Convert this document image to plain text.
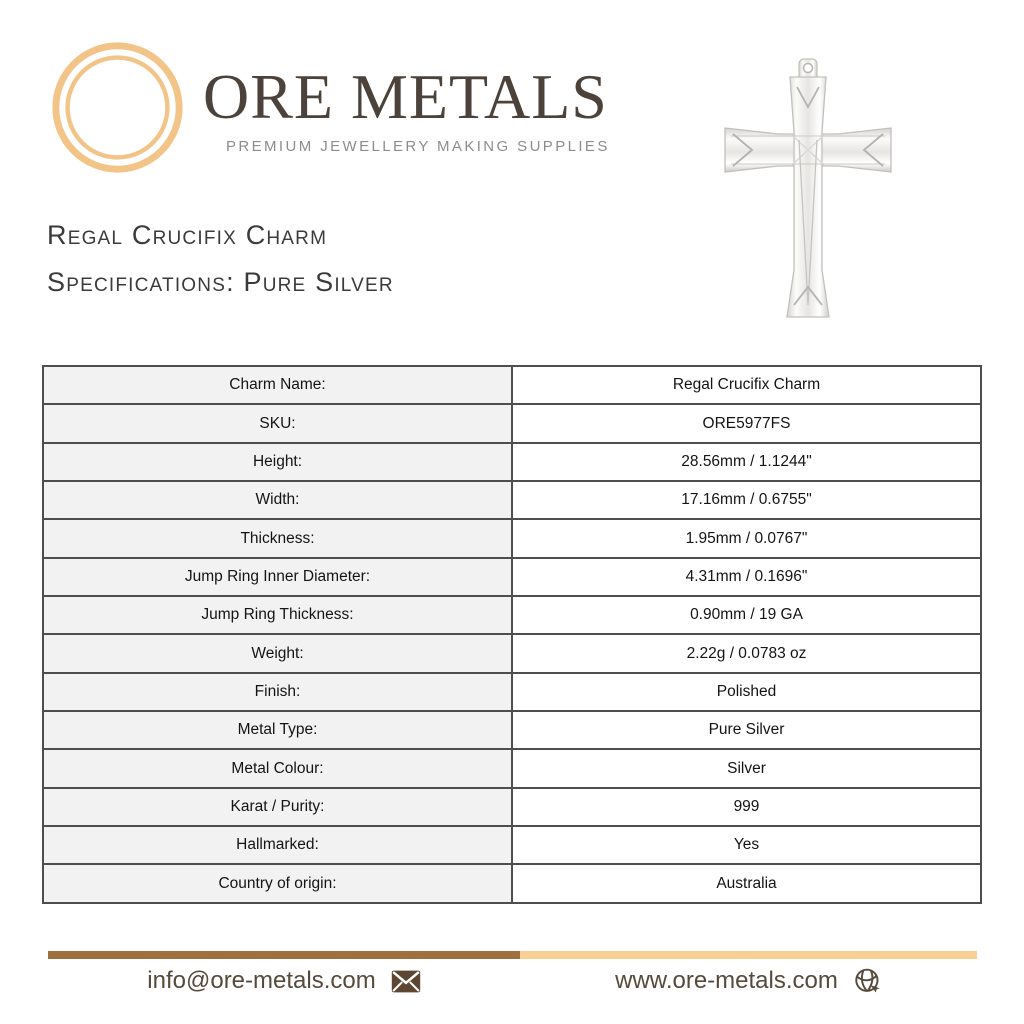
ORE METALS
PREMIUM JEWELLERY MAKING SUPPLIES
Regal Crucifix Charm
Specifications: Pure Silver
Charm Name:	Regal Crucifix Charm
SKU:	ORE5977FS
Height:	28.56mm / 1.1244"
Width:	17.16mm / 0.6755"
Thickness:	1.95mm / 0.0767"
Jump Ring Inner Diameter:	4.31mm / 0.1696"
Jump Ring Thickness:	0.90mm / 19 GA
Weight:	2.22g / 0.0783 oz
Finish:	Polished
Metal Type:	Pure Silver
Metal Colour:	Silver
Karat / Purity:	999
Hallmarked:	Yes
Country of origin:	Australia
info@ore-metals.com	www.ore-metals.com
